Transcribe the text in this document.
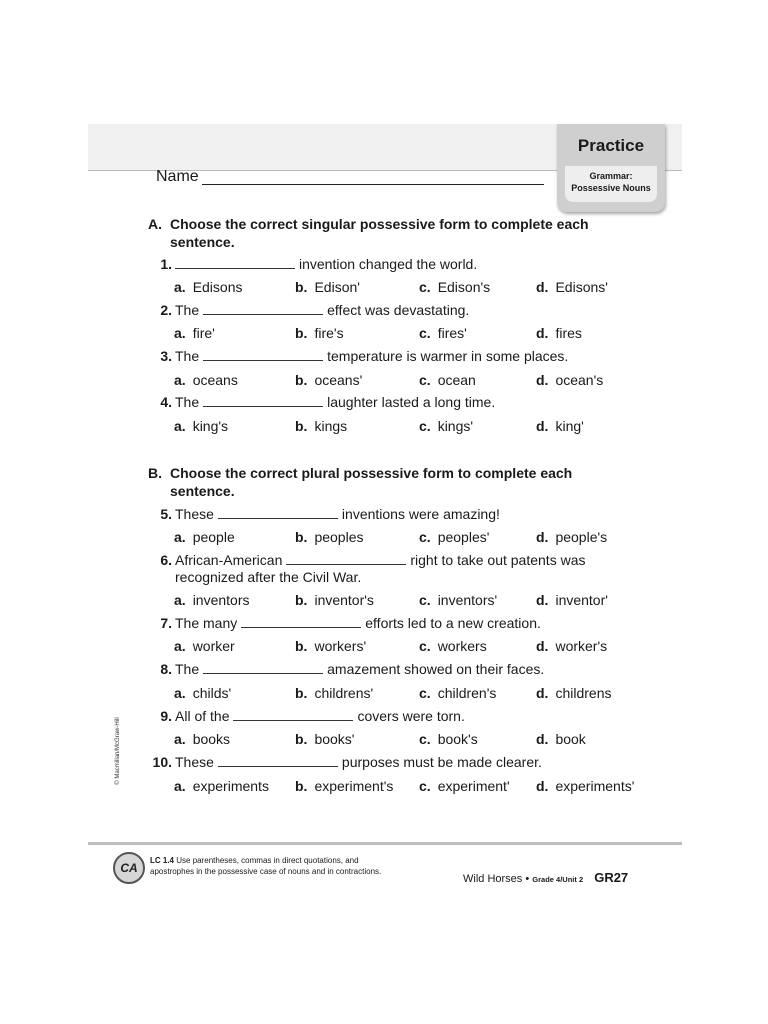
Name
Practice
Grammar:
Possessive Nouns
A. Choose the correct singular possessive form to complete each
sentence.
1.	invention changed the world.
a. Edisons	b. Edison'	c. Edison's	d. Edisons'
2. The	effect was devastating.
a. fire'	b. fire's	c. fires'	d. fires
3. The	temperature is warmer in some places.
a. oceans	b. oceans'	c. ocean	d. ocean's
4. The	laughter lasted a long time.
a. king's	b. kings	c. kings'	d. king'
B. Choose the correct plural possessive form to complete each
sentence.
5. These	inventions were amazing!
a. people	b. peoples	c. peoples'	d. people's
6. African-American	right to take out patents was
recognized after the Civil War.
a. inventors	b. inventor's	c. inventors'	d. inventor'
7. The many	efforts led to a new creation.
a. worker	b. workers'	c. workers	d. worker's
8. The	amazement showed on their faces.
a. childs'	b. childrens'	c. children's	d. childrens
9. All of the	covers were torn.
a. books	b. books'	c. book's	d. book
10. These	purposes must be made clearer.
a. experiments b. experiment's c. experiment' d. experiments'
© Macmillan/McGraw-Hill
CA
LC 1.4 Use parentheses, commas in direct quotations, and
apostrophes in the possessive case of nouns and in contractions.
Wild Horses • Grade 4/Unit 2 GR27
